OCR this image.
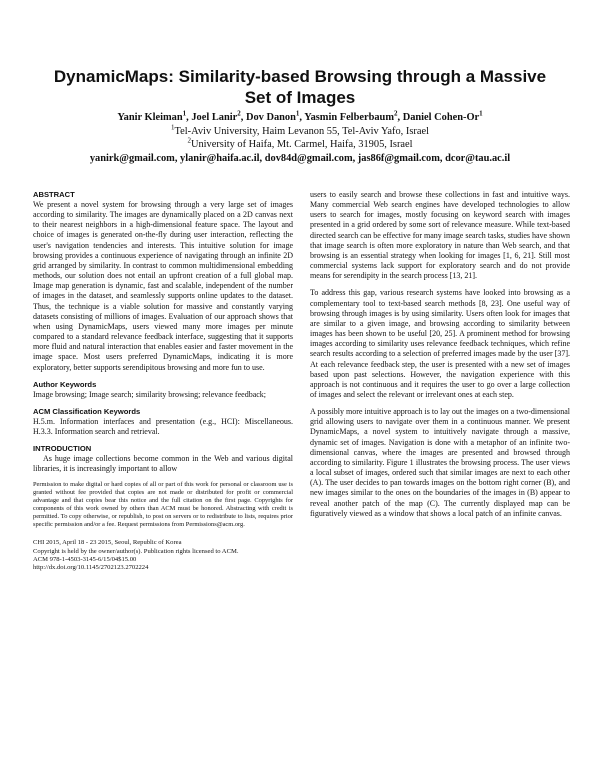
DynamicMaps: Similarity-based Browsing through a Massive Set of Images
Yanir Kleiman$^1$, Joel Lanir$^2$, Dov Danon$^1$, Yasmin Felberbaum$^2$, Daniel Cohen-Or$^1$
$^1$Tel-Aviv University, Haim Levanon 55, Tel-Aviv Yafo, Israel
$^2$University of Haifa, Mt. Carmel, Haifa, 31905, Israel
yanirk@gmail.com, ylanir@haifa.ac.il, dov84d@gmail.com, jas86f@gmail.com, dcor@tau.ac.il
ABSTRACT

We present a novel system for browsing through a very large set of images according to similarity. The images are dynamically placed on a 2D canvas next to their nearest neighbors in a high-dimensional feature space. The layout and choice of images is generated on-the-fly during user interaction, reflecting the user's navigation tendencies and interests. This intuitive solution for image browsing provides a continuous experience of navigating through an infinite 2D grid arranged by similarity. In contrast to common multidimensional embedding methods, our solution does not entail an upfront creation of a full global map. Image map generation is dynamic, fast and scalable, independent of the number of images in the dataset, and seamlessly supports online updates to the dataset. Thus, the technique is a viable solution for massive and constantly varying datasets consisting of millions of images. Evaluation of our approach shows that when using DynamicMaps, users viewed many more images per minute compared to a standard relevance feedback interface, suggesting that it supports more fluid and natural interaction that enables easier and faster movement in the image space. Most users preferred DynamicMaps, indicating it is more exploratory, better supports serendipitous browsing and more fun to use.

Author Keywords

Image browsing; Image search; similarity browsing; relevance feedback;

ACM Classification Keywords

H.5.m. Information interfaces and presentation (e.g., HCI): Miscellaneous. H.3.3. Information search and retrieval.

INTRODUCTION

As huge image collections become common in the Web and various digital libraries, it is increasingly important to allow

Permission to make digital or hard copies of all or part of this work for personal or classroom use is granted without fee provided that copies are not made or distributed for profit or commercial advantage and that copies bear this notice and the full citation on the first page. Copyrights for components of this work owned by others than ACM must be honored. Abstracting with credit is permitted. To copy otherwise, or republish, to post on servers or to redistribute to lists, requires prior specific permission and/or a fee. Request permissions from Permissions@acm.org.

CHI 2015, April 18 - 23 2015, Seoul, Republic of Korea
Copyright is held by the owner/author(s). Publication rights licensed to ACM.
ACM 978-1-4503-3145-6/15/04$15.00
http://dx.doi.org/10.1145/2702123.2702224

users to easily search and browse these collections in fast and intuitive ways. Many commercial Web search engines have developed technologies to allow users to search for images, mostly focusing on keyword search with images presented in a grid ordered by some sort of relevance measure. While text-based directed search can be effective for many image search tasks, studies have shown that image search is often more exploratory in nature than Web search, and that browsing is an essential strategy when looking for images [1, 6, 21]. Still most commercial systems lack support for exploratory search and do not provide means for serendipity in the search process [13, 21].

To address this gap, various research systems have looked into browsing as a complementary tool to text-based search methods [8, 23]. One useful way of browsing through images is by using similarity. Users often look for images that are similar to a given image, and browsing according to similarity between images has been shown to be useful [20, 25]. A prominent method for browsing images according to similarity uses relevance feedback techniques, which refine search results according to a selection of preferred images made by the user [37]. At each relevance feedback step, the user is presented with a new set of images based upon past selections. However, the navigation experience with this approach is not continuous and it requires the user to go over a large collection of images and select the relevant or irrelevant ones at each step.

A possibly more intuitive approach is to lay out the images on a two-dimensional grid allowing users to navigate over them in a continuous manner. We present DynamicMaps, a novel system to intuitively navigate through a massive, dynamic set of images. Navigation is done with a metaphor of an infinite two-dimensional canvas, where the images are presented and browsed through according to similarity. Figure 1 illustrates the browsing process. The user views a local subset of images, ordered such that similar images are next to each other (A). The user decides to pan towards images on the bottom right corner (B), and new images similar to the ones on the boundaries of the images in (B) appear to reveal another patch of the map (C). The currently displayed map can be figuratively viewed as a window that shows a local patch of an infinite canvas.
